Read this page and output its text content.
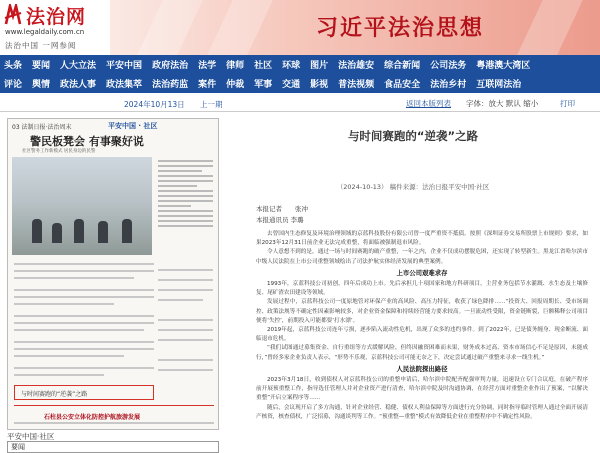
法治网
www.legaldaily.com.cn
法治中国 一网参阅
习近平法治思想
头条 要闻 人大立法 平安中国 政府法治 法学 律师 社区 环球 图片 法治雄安 综合新闻 公司法务 粤港澳大湾区
评论 舆情 政法人事 政法集萃 法治药监 案件 仲裁 军事 交通 影视 普法视频 食品安全 法治乡村 互联网法治
2024年10月13日 上一期	返回本版列表 字体：放大 默认 缩小	打印
03 法制日报·法治周末	平安中国 · 社区
警民板凳会 有事聚好说
社区警务工作新模式 居民身边的民警
与时间赛跑的“逆袭”之路
石柱县公安立体化防控护航旅游发展
平安中国·社区
要闻
与时间赛跑的“逆袭”之路
（2024-10-13） 稿件来源：法治日报平安中国·社区
本报记者　　张冲
本报通讯员 李璐

去曾国内生态修复及环境治理领域的京蓝科技股份有限公司曾一度严重资不抵债。按照《深圳证券交易所股票上市规则》要求，如果2023年12月31日前企业无法完成重整，将面临被强制退市风险。

令人意想不到的是，通过一场与时间赛跑的破产重整，一年之内，企业不仅成功摆脱危困，还实现了转型新生。黑龙江省哈尔滨市中级人民法院在上市公司重整领域绘出了司法护航实体经济发展的典型案例。

上市公司艰难求存

1993年，京蓝科技公司初创，四年后成功上市。先后承担几十项国家和地方科研项目，主营业务包括节水灌溉、水生态及土壤修复、尾矿渣农田建设等领域。

发展过程中，京蓝科技公司一度原地管对环保产业的高风险、高压力特征，收获了绿色降排……“投资大、回报周期长、受市场调控、政策法规等不确定性因素影响较多，对企业资金保障和持续经营能力要求较高。一旦流动性受限，资金链断裂，巨额稀释公司项目便将‘失控’，前期投入可能都要‘打水漂’。

2019年起，京蓝科技公司连年亏损，逐步陷入流动性危机，出现了众多的违约事件。到了2022年，已是债务缠身、现金断流、面临退市危机。

“我们试图通过募集资金、自行重组等方式缓解风险，但终因融资困难而未果，财务成本过高、资本市场信心不足是原因，未能成行，”曾经多家企业负责人表示，“形势不乐观，京蓝科技公司可能无奈之下，决定尝试通过破产重整来寻求一线生机。”

人民法院探出路径

2023年3月18日，收到债权人对京蓝科技公司的重整申请后，哈尔滨中院配齐配强审判力量，迅速设立专门合议庭，在破产程序前开展预重整工作，指导选任管理人并对企业资产进行清查，哈尔滨中院及时沟通协调，在经营方面对重整企业作出了预案，“以解决重整”开启立案程序等……

随后，会议现开启了多方沟通，针对企业经营、稳健、债权人利益保障等方面进行充分协调，同时指导临时管理人通过全面开展清产核资，核查债权，广泛招募，沟通谈判等工作。“预重整—重整”模式有效降低企业在重整程序中不确定性风险。
